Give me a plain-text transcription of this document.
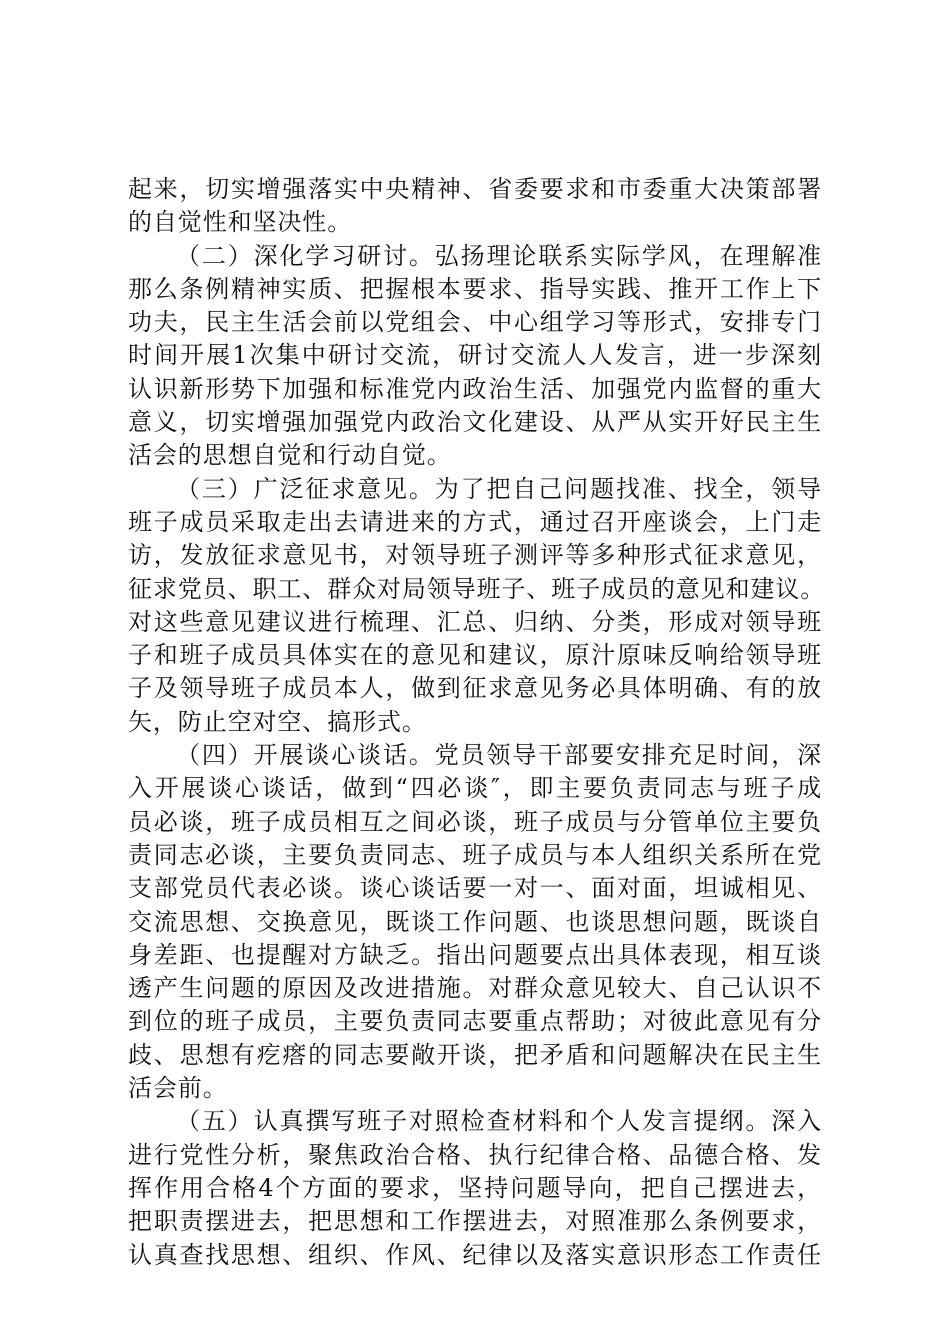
起来，切实增强落实中央精神、省委要求和市委重大决策部署
的自觉性和坚决性。
（二）深化学习研讨。弘扬理论联系实际学风，在理解准
那么条例精神实质、把握根本要求、指导实践、推开工作上下
功夫，民主生活会前以党组会、中心组学习等形式，安排专门
时间开展1次集中研讨交流，研讨交流人人发言，进一步深刻
认识新形势下加强和标准党内政治生活、加强党内监督的重大
意义，切实增强加强党内政治文化建设、从严从实开好民主生
活会的思想自觉和行动自觉。
（三）广泛征求意见。为了把自己问题找准、找全，领导
班子成员采取走出去请进来的方式，通过召开座谈会，上门走
访，发放征求意见书，对领导班子测评等多种形式征求意见，
征求党员、职工、群众对局领导班子、班子成员的意见和建议。
对这些意见建议进行梳理、汇总、归纳、分类，形成对领导班
子和班子成员具体实在的意见和建议，原汁原味反响给领导班
子及领导班子成员本人，做到征求意见务必具体明确、有的放
矢，防止空对空、搞形式。
（四）开展谈心谈话。党员领导干部要安排充足时间，深
入开展谈心谈话，做到“四必谈″，即主要负责同志与班子成
员必谈，班子成员相互之间必谈，班子成员与分管单位主要负
责同志必谈，主要负责同志、班子成员与本人组织关系所在党
支部党员代表必谈。谈心谈话要一对一、面对面，坦诚相见、
交流思想、交换意见，既谈工作问题、也谈思想问题，既谈自
身差距、也提醒对方缺乏。指出问题要点出具体表现，相互谈
透产生问题的原因及改进措施。对群众意见较大、自己认识不
到位的班子成员，主要负责同志要重点帮助；对彼此意见有分
歧、思想有疙瘩的同志要敞开谈，把矛盾和问题解决在民主生
活会前。
（五）认真撰写班子对照检查材料和个人发言提纲。深入
进行党性分析，聚焦政治合格、执行纪律合格、品德合格、发
挥作用合格4个方面的要求，坚持问题导向，把自己摆进去，
把职责摆进去，把思想和工作摆进去，对照准那么条例要求，
认真查找思想、组织、作风、纪律以及落实意识形态工作责任
